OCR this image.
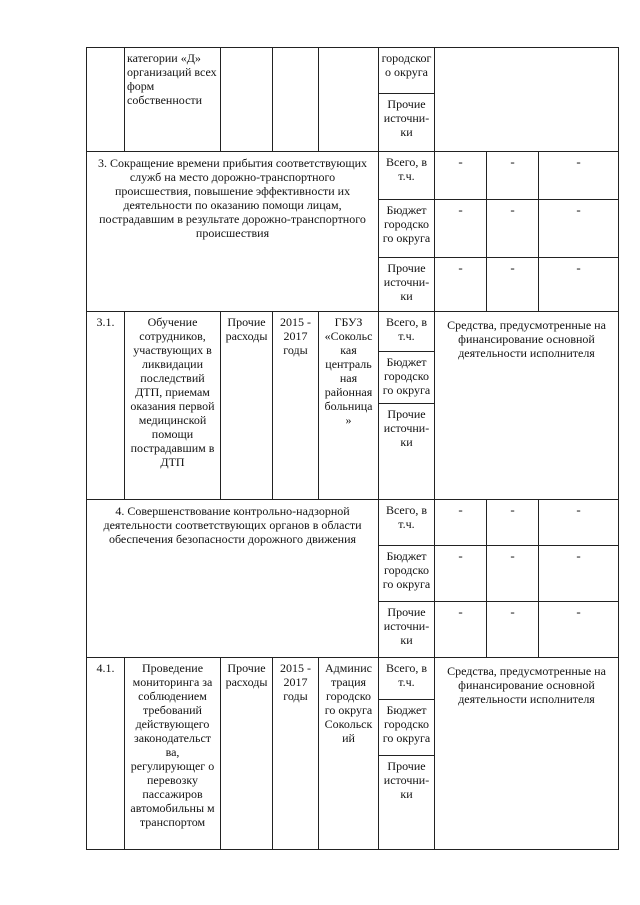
	категории «Д» организаций всех форм собственности				городского округа			
					Прочие источни-ки			
3. Сокращение времени прибытия соответствующих служб на место дорожно-транспортного происшествия, повышение эффективности их деятельности по оказанию помощи лицам, пострадавшим в результате дорожно-транспортного происшествия					Всего, в т.ч.	-	-	-
					Бюджет городско го округа	-	-	-
					Прочие источни-ки	-	-	-
3.1.	Обучение сотрудников, участвующих в ликвидации последствий ДТП, приемам оказания первой медицинской помощи пострадавшим в ДТП	Прочие расходы	2015 - 2017 годы	ГБУЗ «Сокольс кая централь ная районная больница »	Всего, в т.ч.	Средства, предусмотренные на финансирование основной деятельности исполнителя		
					Бюджет городско го округа			
					Прочие источни-ки			
4. Совершенствование контрольно-надзорной деятельности соответствующих органов в области обеспечения безопасности дорожного движения					Всего, в т.ч.	-	-	-
					Бюджет городско го округа	-	-	-
					Прочие источни-ки	-	-	-
4.1.	Проведение мониторинга за соблюдением требований действующего законодательст ва, регулирующег о перевозку пассажиров автомобильны м транспортом	Прочие расходы	2015 - 2017 годы	Админис трация городско го округа Сокольск ий	Всего, в т.ч.	Средства, предусмотренные на финансирование основной деятельности исполнителя		
					Бюджет городско го округа			
					Прочие источни-ки			
